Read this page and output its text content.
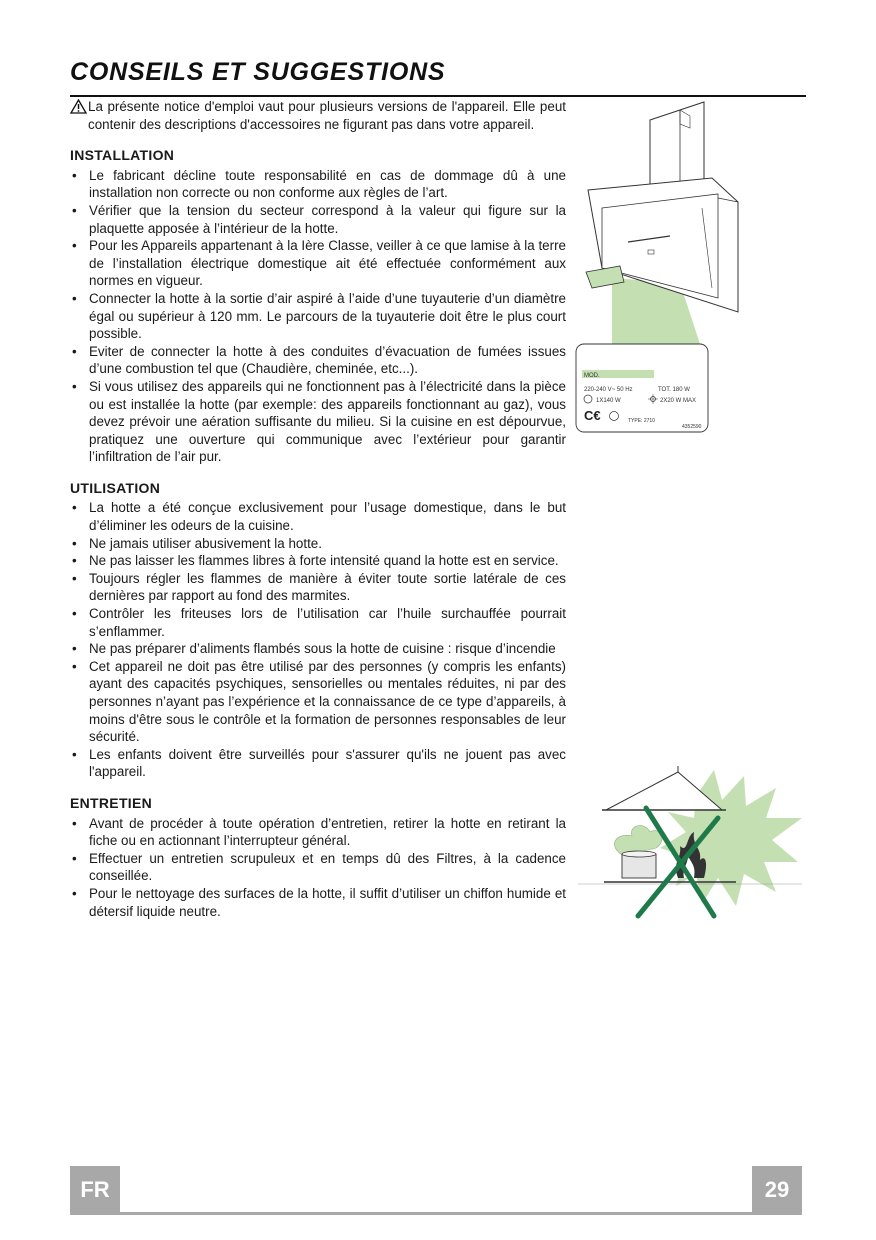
CONSEILS ET SUGGESTIONS

La présente notice d'emploi vaut pour plusieurs versions de l'appareil. Elle peut contenir des descriptions d'accessoires ne figurant pas dans votre appareil.

INSTALLATION
• Le fabricant décline toute responsabilité en cas de dommage dû à une installation non correcte ou non conforme aux règles de l’art.
• Vérifier que la tension du secteur correspond à la valeur qui figure sur la plaquette apposée à l’intérieur de la hotte.
• Pour les Appareils appartenant à la Ière Classe, veiller à ce que lamise à la terre de l’installation électrique domestique ait été effectuée conformément aux normes en vigueur.
• Connecter la hotte à la sortie d’air aspiré à l’aide d’une tuyauterie d’un diamètre égal ou supérieur à 120 mm. Le parcours de la tuyauterie doit être le plus court possible.
• Eviter de connecter la hotte à des conduites d’évacuation de fumées issues d’une combustion tel que (Chaudière, cheminée, etc...).
• Si vous utilisez des appareils qui ne fonctionnent pas à l’électricité dans la pièce ou est installée la hotte (par exemple: des appareils fonctionnant au gaz), vous devez prévoir une aération suffisante du milieu. Si la cuisine en est dépourvue, pratiquez une ouverture qui communique avec l’extérieur pour garantir l’infiltration de l’air pur.
UTILISATION
• La hotte a été conçue exclusivement pour l’usage domestique, dans le but d’éliminer les odeurs de la cuisine.
• Ne jamais utiliser abusivement la hotte.
• Ne pas laisser les flammes libres à forte intensité quand la hotte est en service.
• Toujours régler les flammes de manière à éviter toute sortie latérale de ces dernières par rapport au fond des marmites.
• Contrôler les friteuses lors de l’utilisation car l’huile surchauffée pourrait s’enflammer.
• Ne pas préparer d’aliments flambés sous la hotte de cuisine : risque d’incendie
• Cet appareil ne doit pas être utilisé par des personnes (y compris les enfants) ayant des capacités psychiques, sensorielles ou mentales réduites, ni par des personnes n’ayant pas l’expérience et la connaissance de ce type d’appareils, à moins d'être sous le contrôle et la formation de personnes responsables de leur sécurité.
• Les enfants doivent être surveillés pour s'assurer qu'ils ne jouent pas avec l'appareil.
ENTRETIEN
• Avant de procéder à toute opération d’entretien, retirer la hotte en retirant la fiche ou en actionnant l’interrupteur général.
• Effectuer un entretien scrupuleux et en temps dû des Filtres, à la cadence conseillée.
• Pour le nettoyage des surfaces de la hotte, il suffit d’utiliser un chiffon humide et détersif liquide neutre.
MOD.
220-240 V~ 50 Hz	TOT. 180 W
1X140 W	2X20 W MAX
C€	TYPE: 2710
4352590
FR	29
